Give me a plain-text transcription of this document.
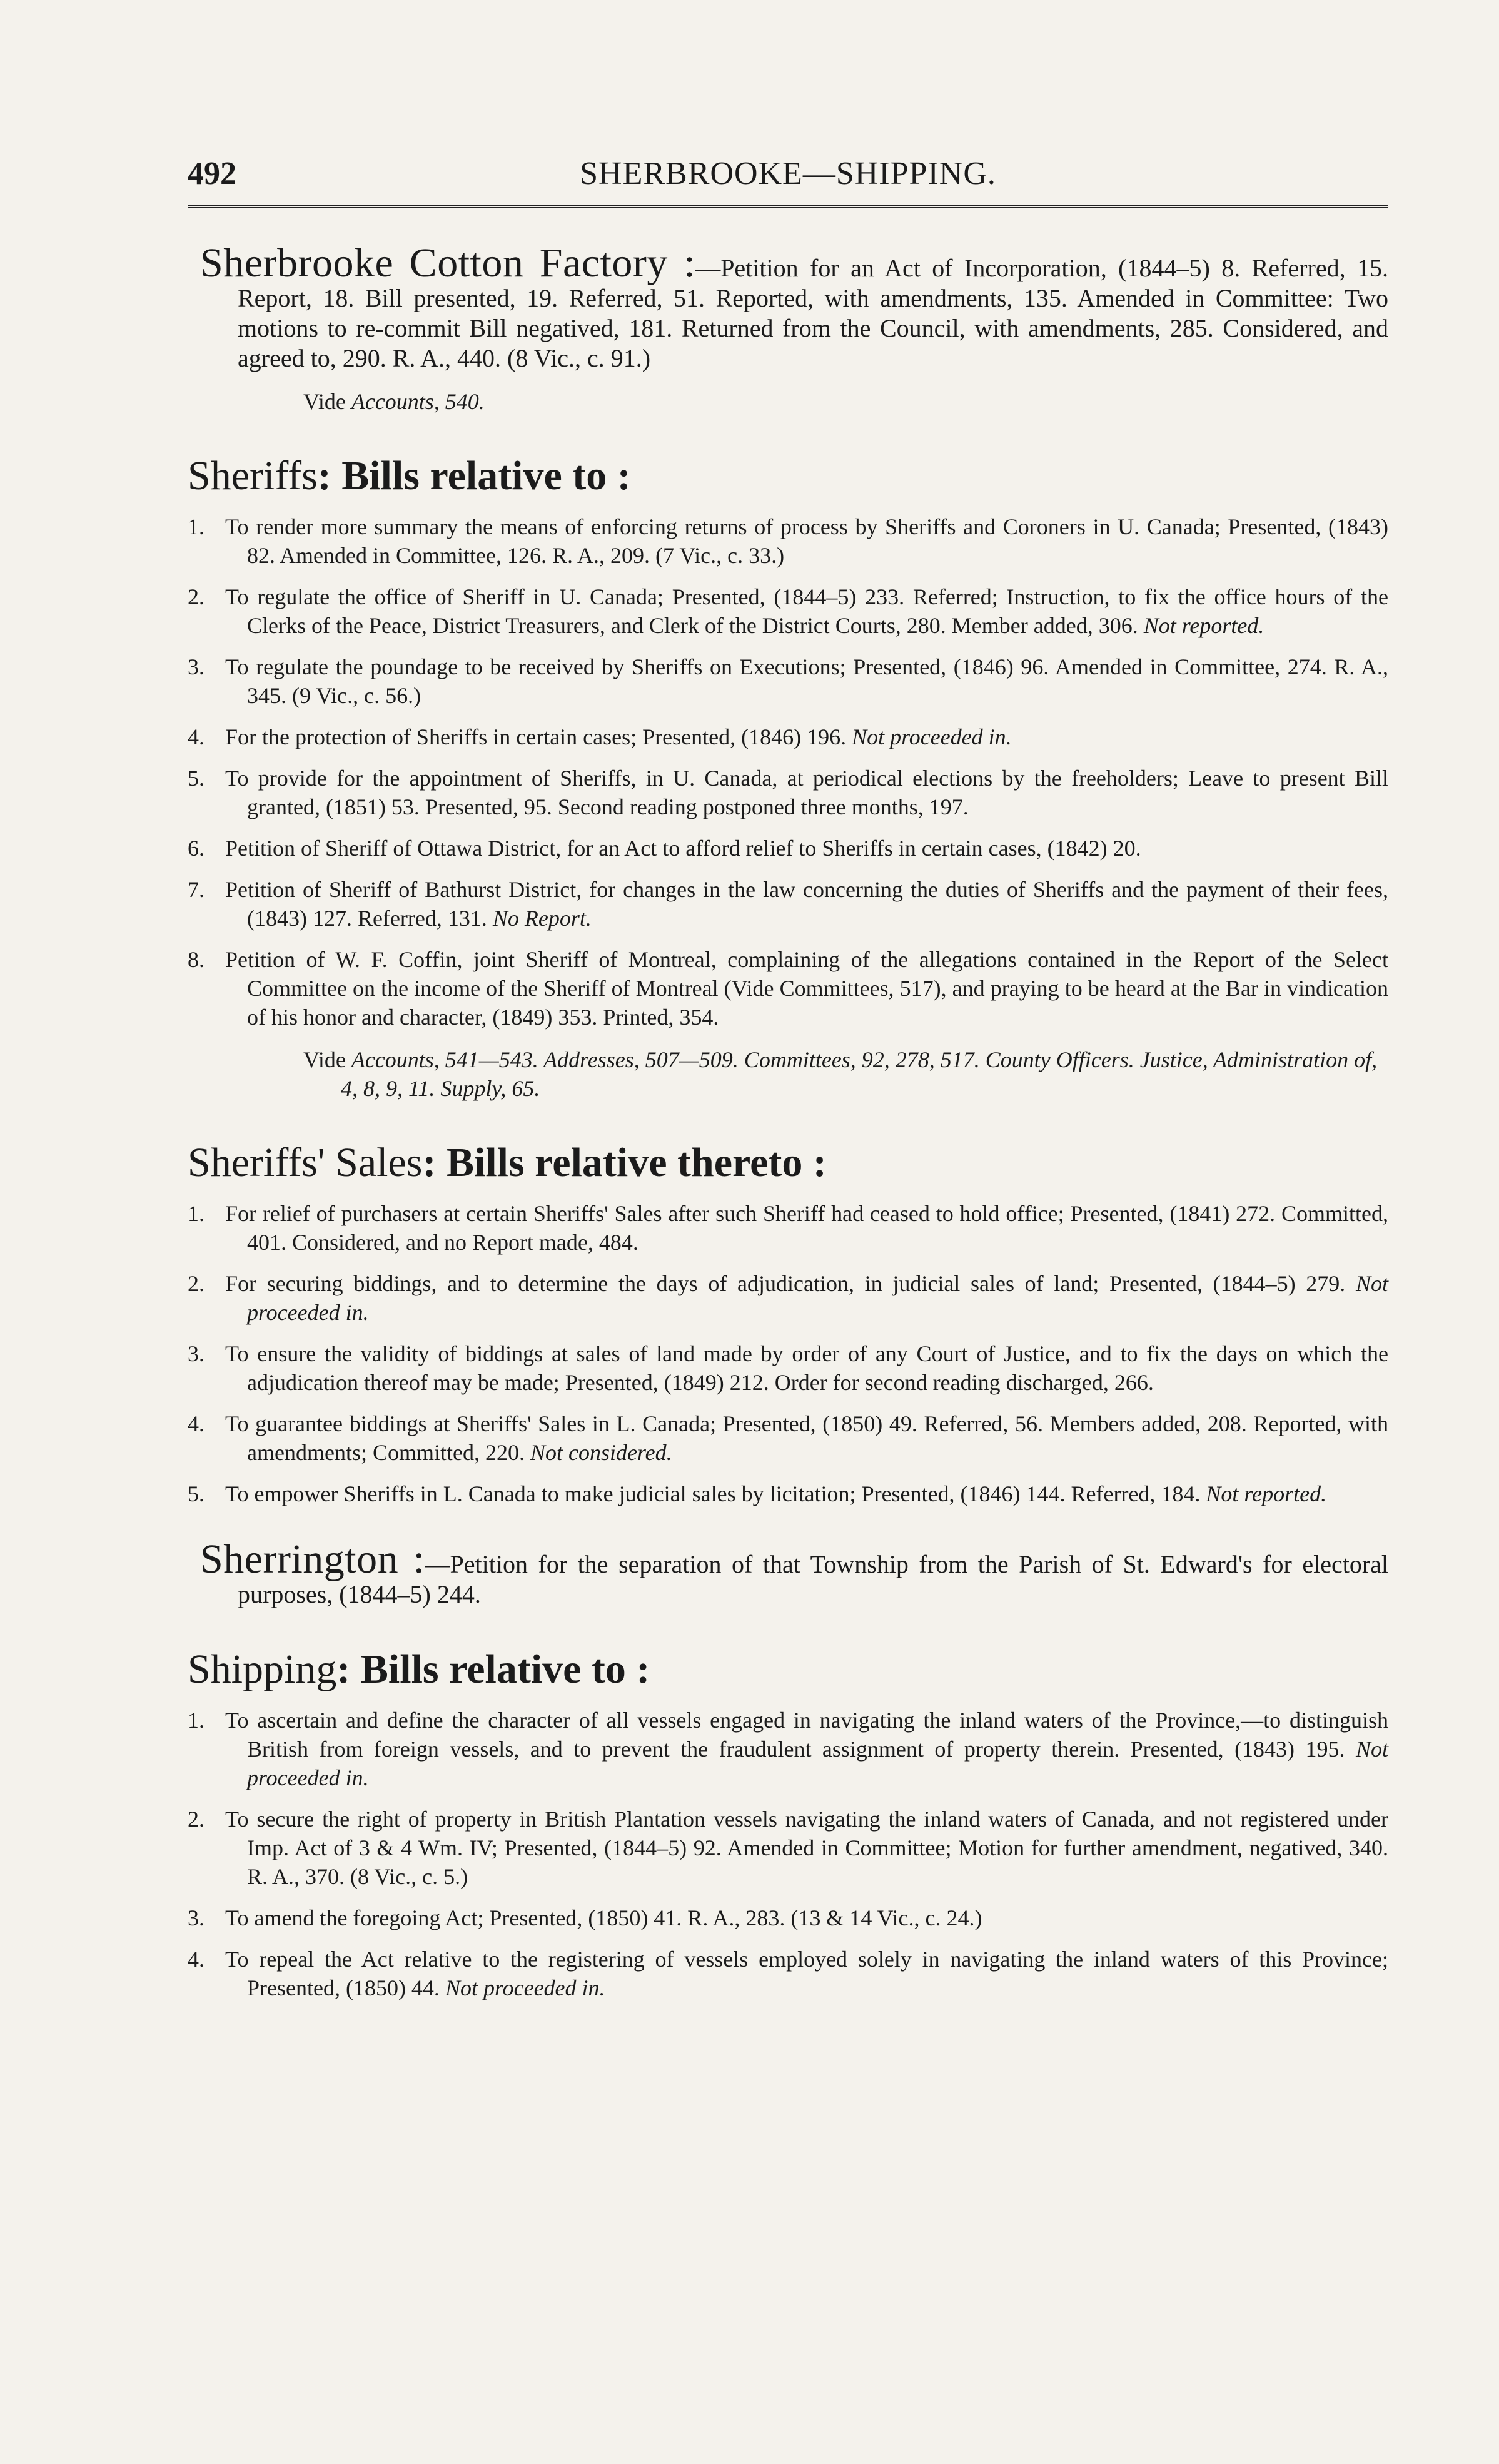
492	SHERBROOKE—SHIPPING.
Sherbrooke Cotton Factory :—Petition for an Act of Incorporation, (1844–5) 8. Referred, 15. Report, 18. Bill presented, 19. Referred, 51. Reported, with amendments, 135. Amended in Committee: Two motions to re-commit Bill negatived, 181. Returned from the Council, with amendments, 285. Considered, and agreed to, 290. R. A., 440. (8 Vic., c. 91.)
Vide Accounts, 540.
Sheriffs: Bills relative to :
1. To render more summary the means of enforcing returns of process by Sheriffs and Coroners in U. Canada; Presented, (1843) 82. Amended in Committee, 126. R. A., 209. (7 Vic., c. 33.)
2. To regulate the office of Sheriff in U. Canada; Presented, (1844–5) 233. Referred; Instruction, to fix the office hours of the Clerks of the Peace, District Treasurers, and Clerk of the District Courts, 280. Member added, 306. Not reported.
3. To regulate the poundage to be received by Sheriffs on Executions; Presented, (1846) 96. Amended in Committee, 274. R. A., 345. (9 Vic., c. 56.)
4. For the protection of Sheriffs in certain cases; Presented, (1846) 196. Not proceeded in.
5. To provide for the appointment of Sheriffs, in U. Canada, at periodical elections by the freeholders; Leave to present Bill granted, (1851) 53. Presented, 95. Second reading postponed three months, 197.
6. Petition of Sheriff of Ottawa District, for an Act to afford relief to Sheriffs in certain cases, (1842) 20.
7. Petition of Sheriff of Bathurst District, for changes in the law concerning the duties of Sheriffs and the payment of their fees, (1843) 127. Referred, 131. No Report.
8. Petition of W. F. Coffin, joint Sheriff of Montreal, complaining of the allegations contained in the Report of the Select Committee on the income of the Sheriff of Montreal (Vide Committees, 517), and praying to be heard at the Bar in vindication of his honor and character, (1849) 353. Printed, 354.
Vide Accounts, 541—543. Addresses, 507—509. Committees, 92, 278, 517. County Officers. Justice, Administration of, 4, 8, 9, 11. Supply, 65.
Sheriffs' Sales: Bills relative thereto :
1. For relief of purchasers at certain Sheriffs' Sales after such Sheriff had ceased to hold office; Presented, (1841) 272. Committed, 401. Considered, and no Report made, 484.
2. For securing biddings, and to determine the days of adjudication, in judicial sales of land; Presented, (1844–5) 279. Not proceeded in.
3. To ensure the validity of biddings at sales of land made by order of any Court of Justice, and to fix the days on which the adjudication thereof may be made; Presented, (1849) 212. Order for second reading discharged, 266.
4. To guarantee biddings at Sheriffs' Sales in L. Canada; Presented, (1850) 49. Referred, 56. Members added, 208. Reported, with amendments; Committed, 220. Not considered.
5. To empower Sheriffs in L. Canada to make judicial sales by licitation; Presented, (1846) 144. Referred, 184. Not reported.
Sherrington :—Petition for the separation of that Township from the Parish of St. Edward's for electoral purposes, (1844–5) 244.
Shipping: Bills relative to :
1. To ascertain and define the character of all vessels engaged in navigating the inland waters of the Province,—to distinguish British from foreign vessels, and to prevent the fraudulent assignment of property therein. Presented, (1843) 195. Not proceeded in.
2. To secure the right of property in British Plantation vessels navigating the inland waters of Canada, and not registered under Imp. Act of 3 & 4 Wm. IV; Presented, (1844–5) 92. Amended in Committee; Motion for further amendment, negatived, 340. R. A., 370. (8 Vic., c. 5.)
3. To amend the foregoing Act; Presented, (1850) 41. R. A., 283. (13 & 14 Vic., c. 24.)
4. To repeal the Act relative to the registering of vessels employed solely in navigating the inland waters of this Province; Presented, (1850) 44. Not proceeded in.
